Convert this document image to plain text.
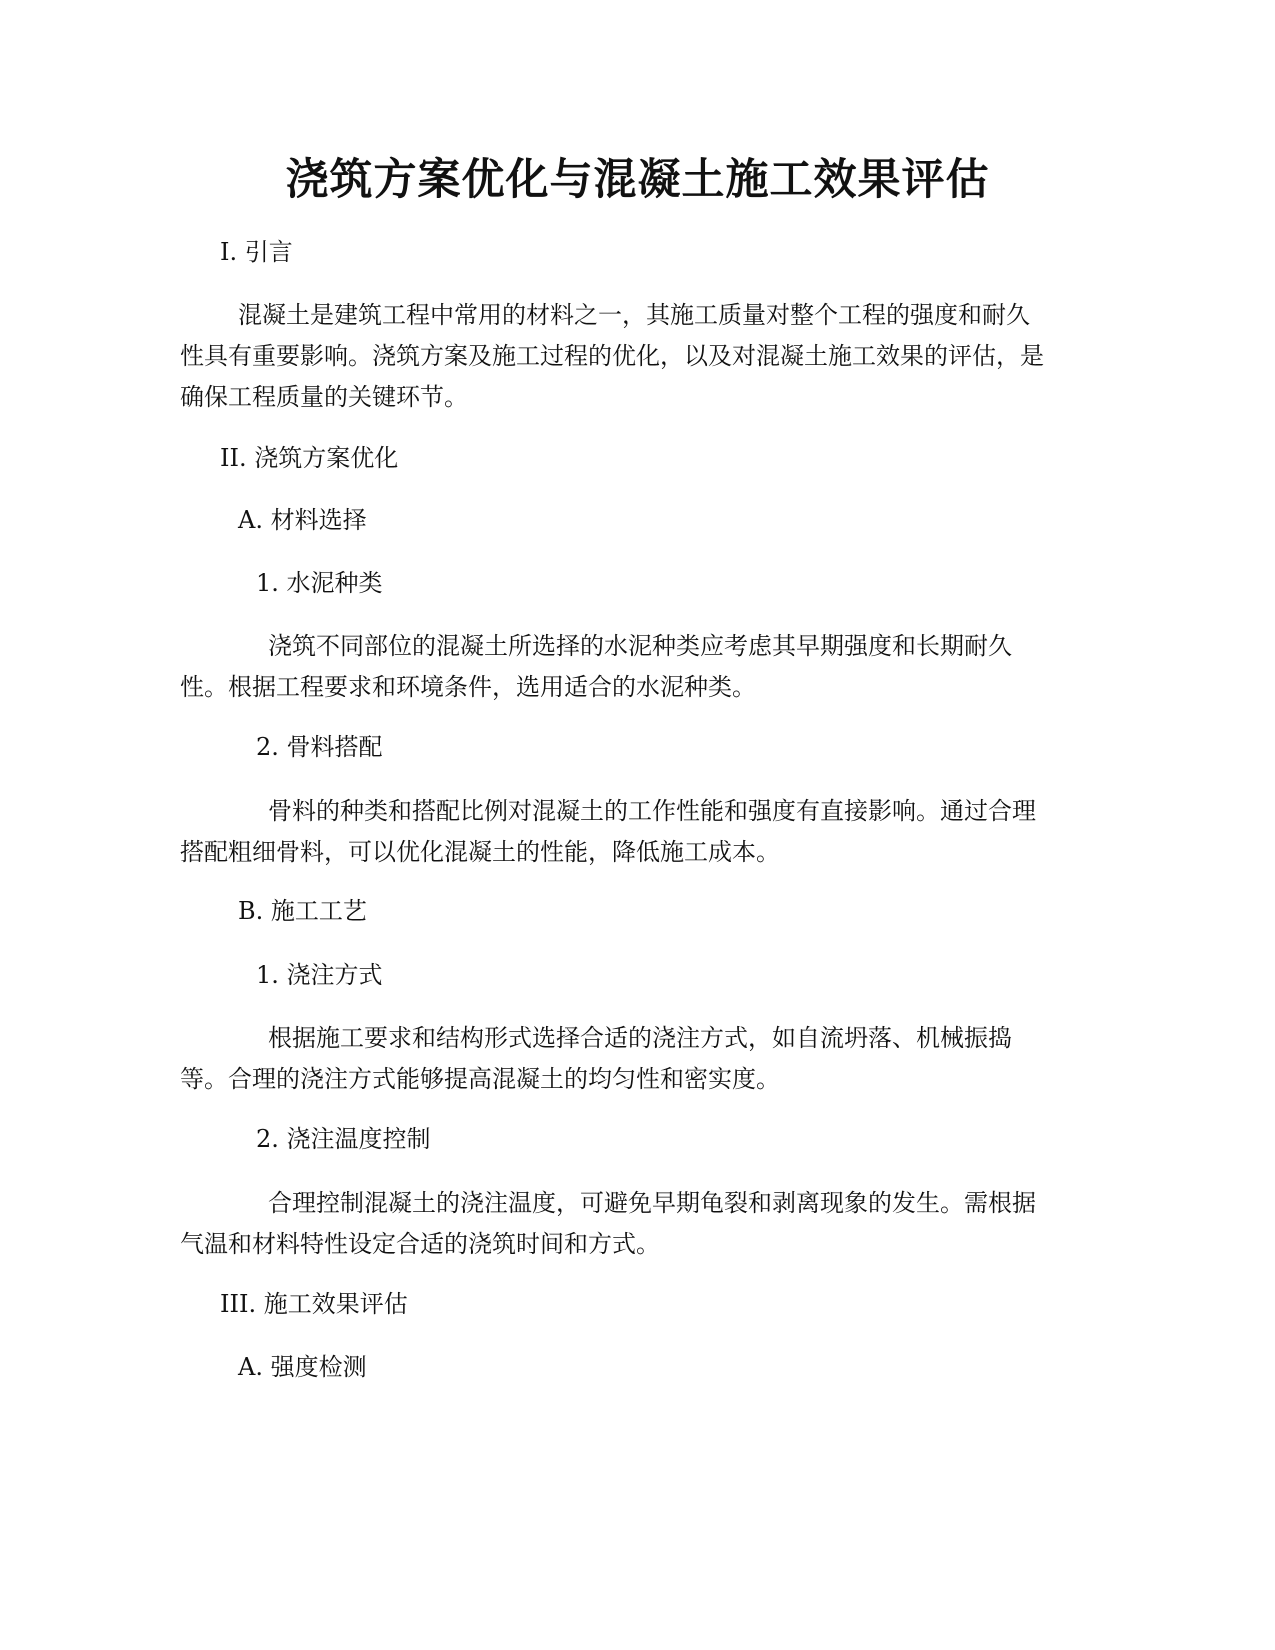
浇筑方案优化与混凝土施工效果评估

I. 引言

混凝土是建筑工程中常用的材料之一，其施工质量对整个工程的强度和耐久

性具有重要影响。浇筑方案及施工过程的优化，以及对混凝土施工效果的评估，是

确保工程质量的关键环节。

II. 浇筑方案优化

A. 材料选择

1. 水泥种类

浇筑不同部位的混凝土所选择的水泥种类应考虑其早期强度和长期耐久

性。根据工程要求和环境条件，选用适合的水泥种类。

2. 骨料搭配

骨料的种类和搭配比例对混凝土的工作性能和强度有直接影响。通过合理

搭配粗细骨料，可以优化混凝土的性能，降低施工成本。

B. 施工工艺

1. 浇注方式

根据施工要求和结构形式选择合适的浇注方式，如自流坍落、机械振捣

等。合理的浇注方式能够提高混凝土的均匀性和密实度。

2. 浇注温度控制

合理控制混凝土的浇注温度，可避免早期龟裂和剥离现象的发生。需根据

气温和材料特性设定合适的浇筑时间和方式。

III. 施工效果评估

A. 强度检测
